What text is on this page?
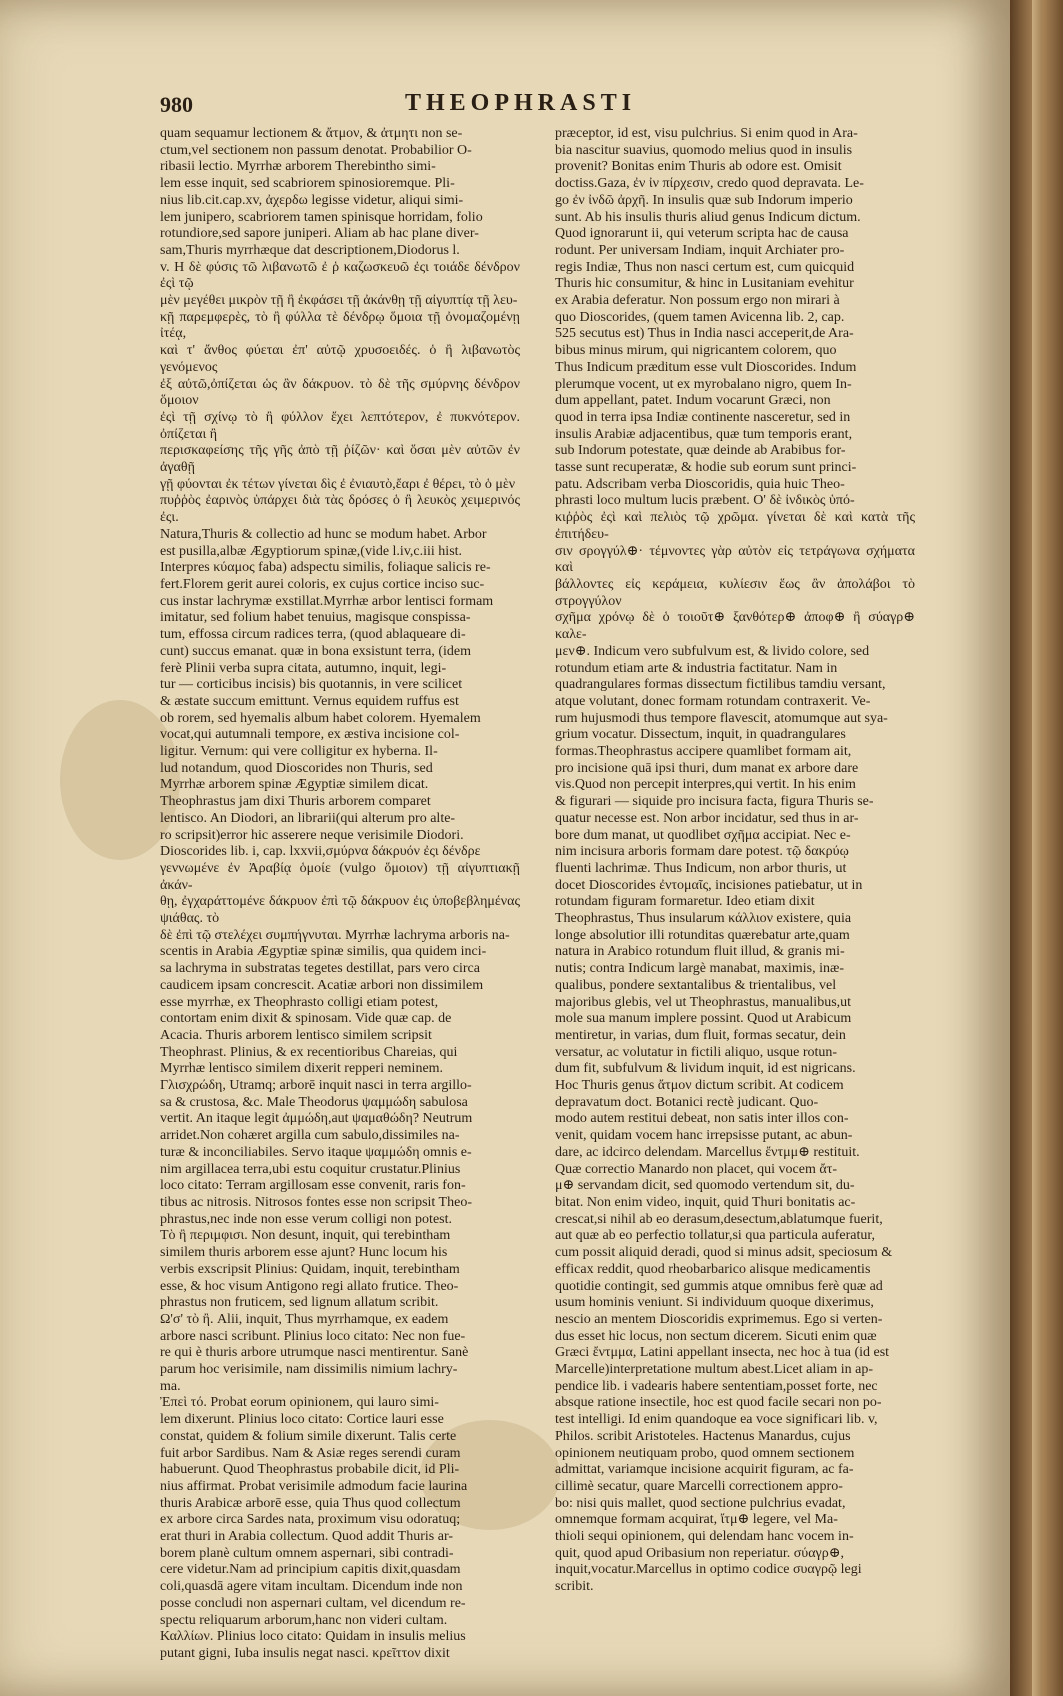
980	THEOPHRASTI

quam sequamur lectionem & ἄτμον, & ἀτμητι non se-

ctum,vel sectionem non passum denotat. Probabilior O-

ribasii lectio. Myrrhæ arborem Therebintho simi-

lem esse inquit, sed scabriorem spinosioremque. Pli-

nius lib.cit.cap.xv, ἀχερδω legisse videtur, aliqui simi-

lem junipero, scabriorem tamen spinisque horridam, folio

rotundiore,sed sapore juniperi. Aliam ab hac plane diver-

sam,Thuris myrrhæque dat descriptionem,Diodorus l.

v. Η δὲ φύσις τῶ λιβανωτῶ ἐ ῥ καζωσκευῶ ἐςι τοιάδε δένδρον ἐςὶ τῷ

μὲν μεγέθει μικρὸν τῇ ἢ ἐκφάσει τῇ ἀκάνθῃ τῇ αἰγυπτίᾳ τῇ λευ-

κῇ παρεμφερὲς, τὸ ἢ φύλλα τὲ δένδρῳ ὅμοια τῇ ὀνομαζομένῃ ἰτέᾳ,

καὶ τ' ἄνθος φύεται ἐπ' αὐτῷ χρυσοειδές. ὁ ἢ λιβανωτὸς γενόμενος

ἐξ αὐτῶ,ὀπίζεται ὡς ἂν δάκρυον. τὸ δὲ τῆς σμύρνης δένδρον ὅμοιον

ἐςὶ τῇ σχίνῳ τὸ ἢ φύλλον ἔχει λεπτότερον, ἐ πυκνότερον. ὀπίζεται ἢ

περισκαφείσης τῆς γῆς ἀπὸ τῇ ῥίζῶν· καὶ ὅσαι μὲν αὐτῶν ἐν ἀγαθῇ

γῇ φύονται ἐκ τέτων γίνεται δὶς ἐ ἐνιαυτὸ,ἔαρι ἐ θέρει, τὸ ὁ μὲν

πυῤῥὸς ἐαρινὸς ὑπάρχει διὰ τὰς δρόσες ὁ ἢ λευκὸς χειμερινός ἐςι.

Natura,Thuris & collectio ad hunc se modum habet. Arbor

est pusilla,albæ Ægyptiorum spinæ,(vide l.iv,c.iii hist.

Interpres κύαμος faba) adspectu similis, foliaque salicis re-

fert.Florem gerit aurei coloris, ex cujus cortice inciso suc-

cus instar lachrymæ exstillat.Myrrhæ arbor lentisci formam

imitatur, sed folium habet tenuius, magisque conspissa-

tum, effossa circum radices terra, (quod ablaqueare di-

cunt) succus emanat. quæ in bona exsistunt terra, (idem

ferè Plinii verba supra citata, autumno, inquit, legi-

tur — corticibus incisis) bis quotannis, in vere scilicet

& æstate succum emittunt. Vernus equidem ruffus est

ob rorem, sed hyemalis album habet colorem. Hyemalem

vocat,qui autumnali tempore, ex æstiva incisione col-

ligitur. Vernum: qui vere colligitur ex hyberna. Il-

lud notandum, quod Dioscorides non Thuris, sed

Myrrhæ arborem spinæ Ægyptiæ similem dicat.

Theophrastus jam dixi Thuris arborem comparet

lentisco. An Diodori, an librarii(qui alterum pro alte-

ro scripsit)error hic asserere neque verisimile Diodori.

Dioscorides lib. i, cap. lxxvii,σμύρνα δάκρυόν ἐςι δένδρε

γεννωμένε ἐν Ἀραβίᾳ ὁμοίε (vulgo ὅμοιον) τῇ αἰγυπτιακῇ ἀκάν-

θῃ, ἐγχαράττομένε δάκρυον ἐπὶ τῷ δάκρυον ἐις ὑποβεβλημένας ψιάθας. τὸ

δὲ ἐπὶ τῷ στελέχει συμπήγνυται. Myrrhæ lachryma arboris na-

scentis in Arabia Ægyptiæ spinæ similis, qua quidem inci-

sa lachryma in substratas tegetes destillat, pars vero circa

caudicem ipsam concrescit. Acatiæ arbori non dissimilem

esse myrrhæ, ex Theophrasto colligi etiam potest,

contortam enim dixit & spinosam. Vide quæ cap. de

Acacia. Thuris arborem lentisco similem scripsit

Theophrast. Plinius, & ex recentioribus Chareias, qui

Myrrhæ lentisco similem dixerit repperi neminem.

Γλισχρώδη, Utramq; arborē inquit nasci in terra argillo-

sa & crustosa, &c. Male Theodorus ψαμμώδη sabulosa

vertit. An itaque legit ἀμμώδη,aut ψαμαθώδη? Neutrum

arridet.Non cohæret argilla cum sabulo,dissimiles na-

turæ & inconciliabiles. Servo itaque ψαμμώδη omnis e-

nim argillacea terra,ubi estu coquitur crustatur.Plinius

loco citato: Terram argillosam esse convenit, raris fon-

tibus ac nitrosis. Nitrosos fontes esse non scripsit Theo-

phrastus,nec inde non esse verum colligi non potest.

Τὸ ἢ περιμφισι. Non desunt, inquit, qui terebintham

similem thuris arborem esse ajunt? Hunc locum his

verbis exscripsit Plinius: Quidam, inquit, terebintham

esse, & hoc visum Antigono regi allato frutice. Theo-

phrastus non fruticem, sed lignum allatum scribit.

Ω'σ' τὸ ἢ. Alii, inquit, Thus myrrhamque, ex eadem

arbore nasci scribunt. Plinius loco citato: Nec non fue-

re qui è thuris arbore utrumque nasci mentirentur. Sanè

parum hoc verisimile, nam dissimilis nimium lachry-

ma.

Ἐπεὶ τό. Probat eorum opinionem, qui lauro simi-

lem dixerunt. Plinius loco citato: Cortice lauri esse

constat, quidem & folium simile dixerunt. Talis certe

fuit arbor Sardibus. Nam & Asiæ reges serendi curam

habuerunt. Quod Theophrastus probabile dicit, id Pli-

nius affirmat. Probat verisimile admodum facie laurina

thuris Arabicæ arborē esse, quia Thus quod collectum

ex arbore circa Sardes nata, proximum visu odoratuq;

erat thuri in Arabia collectum. Quod addit Thuris ar-

borem planè cultum omnem aspernari, sibi contradi-

cere videtur.Nam ad principium capitis dixit,quasdam

coli,quasdā agere vitam incultam. Dicendum inde non

posse concludi non aspernari cultam, vel dicendum re-

spectu reliquarum arborum,hanc non videri cultam.

Καλλίων. Plinius loco citato: Quidam in insulis melius

putant gigni, Iuba insulis negat nasci. κρεῖττον dixit

præceptor, id est, visu pulchrius. Si enim quod in Ara-

bia nascitur suavius, quomodo melius quod in insulis

provenit? Bonitas enim Thuris ab odore est. Omisit

doctiss.Gaza, ἐν ἰν πίρχεσιν, credo quod depravata. Le-

go ἐν ἰνδῶ ἀρχῆ. In insulis quæ sub Indorum imperio

sunt. Ab his insulis thuris aliud genus Indicum dictum.

Quod ignorarunt ii, qui veterum scripta hac de causa

rodunt. Per universam Indiam, inquit Archiater pro-

regis Indiæ, Thus non nasci certum est, cum quicquid

Thuris hic consumitur, & hinc in Lusitaniam evehitur

ex Arabia deferatur. Non possum ergo non mirari à

quo Dioscorides, (quem tamen Avicenna lib. 2, cap.

525 secutus est) Thus in India nasci acceperit,de Ara-

bibus minus mirum, qui nigricantem colorem, quo

Thus Indicum præditum esse vult Dioscorides. Indum

plerumque vocent, ut ex myrobalano nigro, quem In-

dum appellant, patet. Indum vocarunt Græci, non

quod in terra ipsa Indiæ continente nasceretur, sed in

insulis Arabiæ adjacentibus, quæ tum temporis erant,

sub Indorum potestate, quæ deinde ab Arabibus for-

tasse sunt recuperatæ, & hodie sub eorum sunt princi-

patu. Adscribam verba Dioscoridis, quia huic Theo-

phrasti loco multum lucis præbent. Ο' δὲ ἰνδικὸς ὑπό-

κιῤῥὸς ἐςὶ καὶ πελιὸς τῷ χρῶμα. γίνεται δὲ καὶ κατὰ τῆς ἐπιτήδευ-

σιν σρογγύλ⊕· τέμνοντες γὰρ αὐτὸν εἰς τετράγωνα σχήματα καὶ

βάλλοντες εἰς κεράμεια, κυλίεσιν ἕως ἂν ἀπολάβοι τὸ στρογγύλον

σχῆμα χρόνῳ δὲ ὁ τοιοῦτ⊕ ξανθότερ⊕ ἀποφ⊕ ἢ σύαγρ⊕ καλε-

μεν⊕. Indicum vero subfulvum est, & livido colore, sed

rotundum etiam arte & industria factitatur. Nam in

quadrangulares formas dissectum fictilibus tamdiu versant,

atque volutant, donec formam rotundam contraxerit. Ve-

rum hujusmodi thus tempore flavescit, atomumque aut sya-

grium vocatur. Dissectum, inquit, in quadrangulares

formas.Theophrastus accipere quamlibet formam ait,

pro incisione quā ipsi thuri, dum manat ex arbore dare

vis.Quod non percepit interpres,qui vertit. In his enim

& figurari — siquide pro incisura facta, figura Thuris se-

quatur necesse est. Non arbor incidatur, sed thus in ar-

bore dum manat, ut quodlibet σχῆμα accipiat. Nec e-

nim incisura arboris formam dare potest. τῷ δακρύῳ

fluenti lachrimæ. Thus Indicum, non arbor thuris, ut

docet Dioscorides ἐντομαῖς, incisiones patiebatur, ut in

rotundam figuram formaretur. Ideo etiam dixit

Theophrastus, Thus insularum κάλλιον existere, quia

longe absolutior illi rotunditas quærebatur arte,quam

natura in Arabico rotundum fluit illud, & granis mi-

nutis; contra Indicum largè manabat, maximis, inæ-

qualibus, pondere sextantalibus & trientalibus, vel

majoribus glebis, vel ut Theophrastus, manualibus,ut

mole sua manum implere possint. Quod ut Arabicum

mentiretur, in varias, dum fluit, formas secatur, dein

versatur, ac volutatur in fictili aliquo, usque rotun-

dum fit, subfulvum & lividum inquit, id est nigricans.

Hoc Thuris genus ἄτμον dictum scribit. At codicem

depravatum doct. Botanici rectè judicant. Quo-

modo autem restitui debeat, non satis inter illos con-

venit, quidam vocem hanc irrepsisse putant, ac abun-

dare, ac idcirco delendam. Marcellus ἔντμμ⊕ restituit.

Quæ correctio Manardo non placet, qui vocem ἄτ-

μ⊕ servandam dicit, sed quomodo vertendum sit, du-

bitat. Non enim video, inquit, quid Thuri bonitatis ac-

crescat,si nihil ab eo derasum,desectum,ablatumque fuerit,

aut quæ ab eo perfectio tollatur,si qua particula auferatur,

cum possit aliquid deradi, quod si minus adsit, speciosum &

efficax reddit, quod rheobarbarico alisque medicamentis

quotidie contingit, sed gummis atque omnibus ferè quæ ad

usum hominis veniunt. Si individuum quoque dixerimus,

nescio an mentem Dioscoridis exprimemus. Ego si verten-

dus esset hic locus, non sectum dicerem. Sicuti enim quæ

Græci ἔντμμα, Latini appellant insecta, nec hoc à tua (id est

Marcelle)interpretatione multum abest.Licet aliam in ap-

pendice lib. i vadearis habere sententiam,posset forte, nec

absque ratione insectile, hoc est quod facile secari non po-

test intelligi. Id enim quandoque ea voce significari lib. v,

Philos. scribit Aristoteles. Hactenus Manardus, cujus

opinionem neutiquam probo, quod omnem sectionem

admittat, variamque incisione acquirit figuram, ac fa-

cillimè secatur, quare Marcelli correctionem appro-

bo: nisi quis mallet, quod sectione pulchrius evadat,

omnemque formam acquirat, ἴτμ⊕ legere, vel Ma-

thioli sequi opinionem, qui delendam hanc vocem in-

quit, quod apud Oribasium non reperiatur. σύαγρ⊕,

inquit,vocatur.Marcellus in optimo codice συαγρῷ legi

scribit.
